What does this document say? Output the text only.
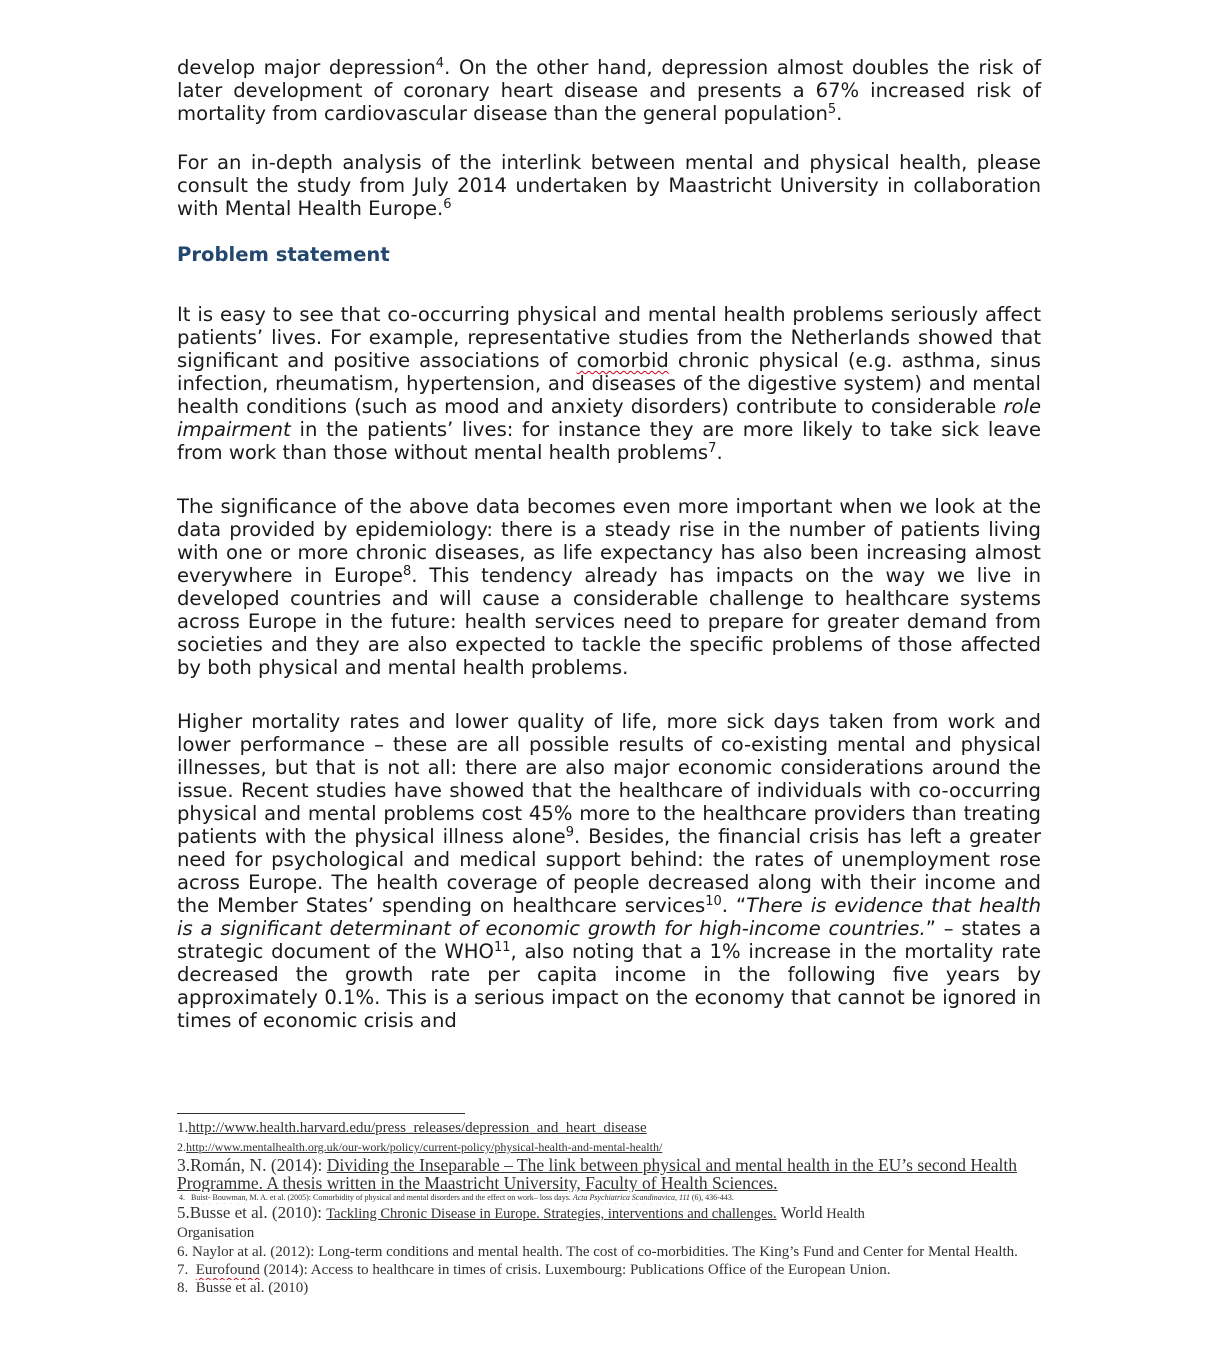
develop major depression$^4$. On the other hand, depression almost doubles the risk of later development of coronary heart disease and presents a 67% increased risk of mortality from cardiovascular disease than the general population$^5$.

For an in-depth analysis of the interlink between mental and physical health, please consult the study from July 2014 undertaken by Maastricht University in collaboration with Mental Health Europe.$^6$

Problem statement

It is easy to see that co-occurring physical and mental health problems seriously affect patients’ lives. For example, representative studies from the Netherlands showed that significant and positive associations of comorbid chronic physical (e.g. asthma, sinus infection, rheumatism, hypertension, and diseases of the digestive system) and mental health conditions (such as mood and anxiety disorders) contribute to considerable role impairment in the patients’ lives: for instance they are more likely to take sick leave from work than those without mental health problems$^7$.

The significance of the above data becomes even more important when we look at the data provided by epidemiology: there is a steady rise in the number of patients living with one or more chronic diseases, as life expectancy has also been increasing almost everywhere in Europe$^8$. This tendency already has impacts on the way we live in developed countries and will cause a considerable challenge to healthcare systems across Europe in the future: health services need to prepare for greater demand from societies and they are also expected to tackle the specific problems of those affected by both physical and mental health problems.

Higher mortality rates and lower quality of life, more sick days taken from work and lower performance – these are all possible results of co-existing mental and physical illnesses, but that is not all: there are also major economic considerations around the issue. Recent studies have showed that the healthcare of individuals with co-occurring physical and mental problems cost 45% more to the healthcare providers than treating patients with the physical illness alone$^9$. Besides, the financial crisis has left a greater need for psychological and medical support behind: the rates of unemployment rose across Europe. The health coverage of people decreased along with their income and the Member States’ spending on healthcare services$^{10}$. “There is evidence that health is a significant determinant of economic growth for high-income countries.” – states a strategic document of the WHO$^{11}$, also noting that a 1% increase in the mortality rate decreased the growth rate per capita income in the following five years by approximately 0.1%. This is a serious impact on the economy that cannot be ignored in times of economic crisis and

1.http://www.health.harvard.edu/press_releases/depression_and_heart_disease

2.http://www.mentalhealth.org.uk/our-work/policy/current-policy/physical-health-and-mental-health/

3.Román, N. (2014): Dividing the Inseparable – The link between physical and mental health in the EU’s second Health Programme. A thesis written in the Maastricht University, Faculty of Health Sciences.

4. Buist- Bouwman, M. A. et al. (2005): Comorbidity of physical and mental disorders and the effect on work– loss days. Acta Psychiatrica Scandinavica, 111 (6), 436-443.

5.Busse et al. (2010): Tackling Chronic Disease in Europe. Strategies, interventions and challenges. World Health
Organisation

6. Naylor at al. (2012): Long-term conditions and mental health. The cost of co-morbidities. The King’s Fund and Center for Mental Health.

7. Eurofound (2014): Access to healthcare in times of crisis. Luxembourg: Publications Office of the European Union.

8. Busse et al. (2010)
